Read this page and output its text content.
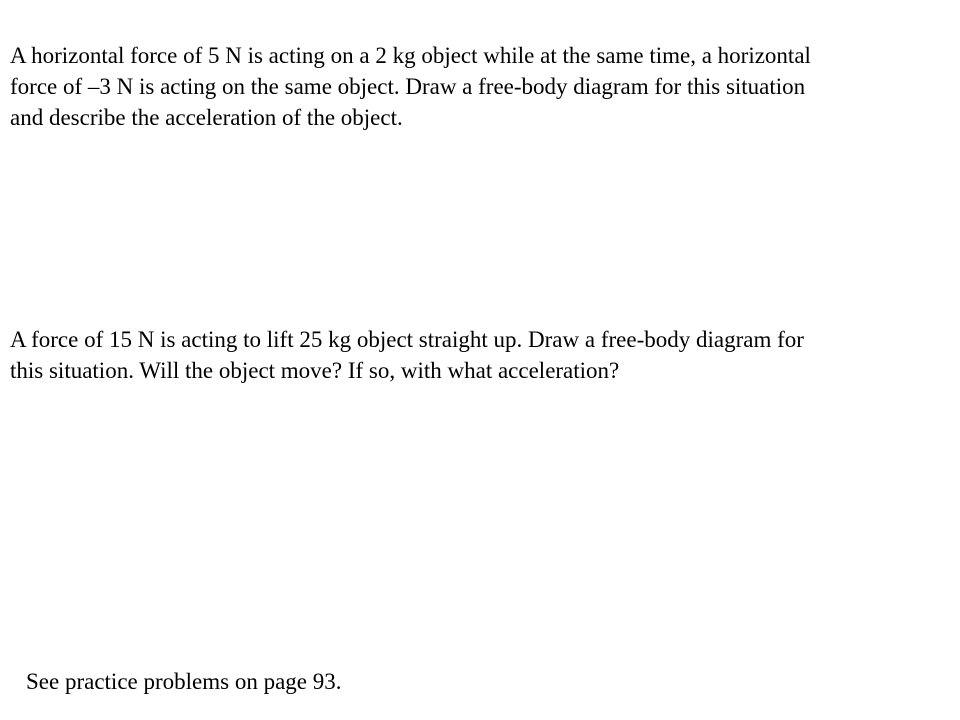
A horizontal force of 5 N is acting on a 2 kg object while at the same time, a horizontal
force of –3 N is acting on the same object. Draw a free-body diagram for this situation
and describe the acceleration of the object.

A force of 15 N is acting to lift 25 kg object straight up. Draw a free-body diagram for
this situation. Will the object move? If so, with what acceleration?

See practice problems on page 93.
